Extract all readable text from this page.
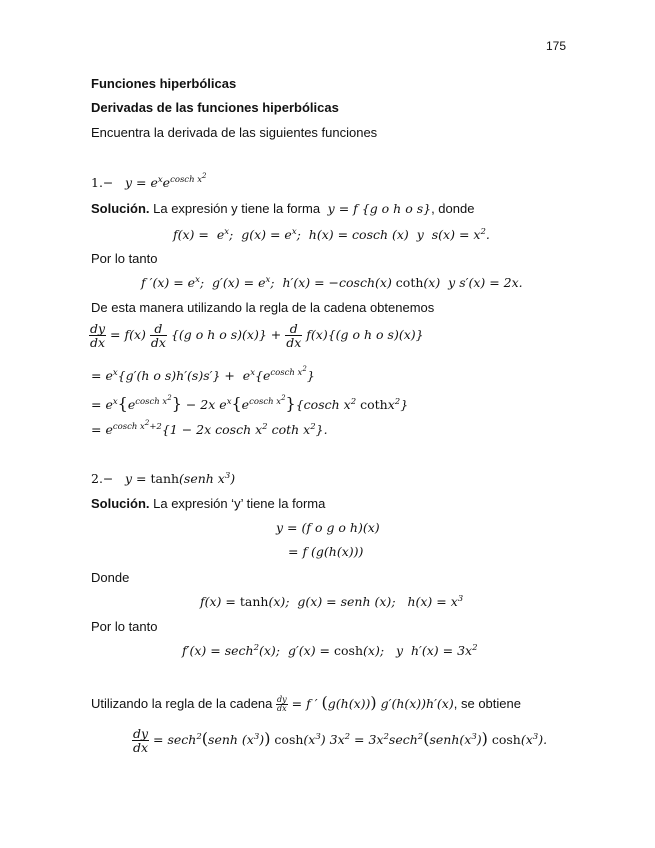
175
Funciones hiperbólicas
Derivadas de las funciones hiperbólicas
Encuentra la derivada de las siguientes funciones
$1.- y = e^xe^{cosch x^2}$
Solución. La expresión y tiene la forma  y = f {g o h o s}, donde
$f(x) = e^x$;  $g(x) = e^x$;  h(x) = cosch (x)  y  $s(x) = x^2$.
Por lo tanto
f $'(x) = e^x$;  $g'(x) = e^x$;  h′(x) = −cosch(x) coth(x)  y s′(x) = 2x.
De esta manera utilizando la regla de la cadena obtenemos
$\frac{dy}{dx} = f(x) \frac{d}{dx} \{(g$ o h o $s)(x)\} + \frac{d}{dx} f(x)\{(g$ o h o s)(x)}
= $e^x\{g'(h$ o $s)h'(s)s'\} + e^x\{e^{cosch x^2}\}$
= $e^x\{e^{cosch x^2}\} - 2x$ $e^x\{e^{cosch x^2}\}\{cosch$ $x^2$ cothx$^2$}
= $e^{cosch x^2+2}\{1 - 2x$ cosch $x^2$ coth $x^2$}.
2.−   y = tanh(senh $x^3$)
Solución. La expresión ‘y’ tiene la forma
y = (f o g o h)(x)
= f (g(h(x)))
Donde
f(x) = tanh(x);  g(x) = senh (x);   $h(x) = x^3$
Por lo tanto
f′(x) = sech$^2$(x);  g′(x) = cosh(x);   y  $h'(x) = 3x^2$
Utilizando la regla de la cadena $\frac{dy}{dx} = f$ ′ (g(h(x))) g′(h(x))h′(x), se obtiene
$\frac{dy}{dx}$ = sech$^2$(senh $(x^3)$) $\cosh(x^3) 3x^2$ = $3x^2\sec h^2(senh(x^3))$ $\cosh(x^3)$.
